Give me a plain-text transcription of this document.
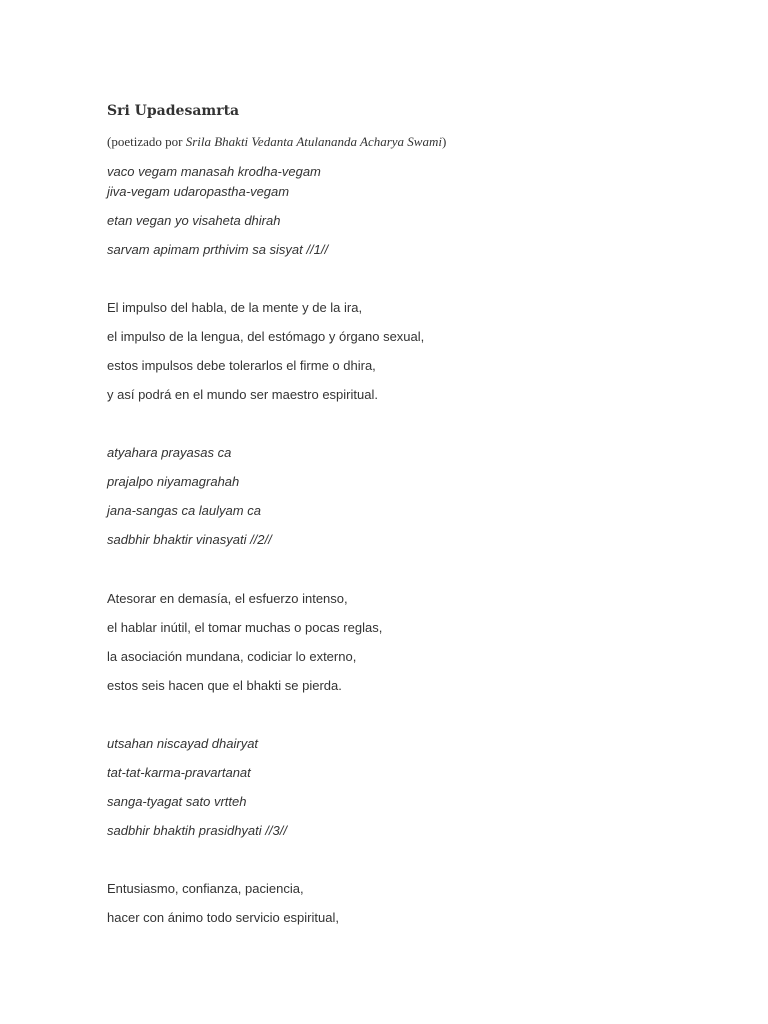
Sri Upadesamrta

(poetizado por Srila Bhakti Vedanta Atulananda Acharya Swami)

vaco vegam manasah krodha-vegam

jiva-vegam udaropastha-vegam

etan vegan yo visaheta dhirah

sarvam apimam prthivim sa sisyat //1//

El impulso del habla, de la mente y de la ira,

el impulso de la lengua, del estómago y órgano sexual,

estos impulsos debe tolerarlos el firme o dhira,

y así podrá en el mundo ser maestro espiritual.

atyahara prayasas ca

prajalpo niyamagrahah

jana-sangas ca laulyam ca

sadbhir bhaktir vinasyati //2//

Atesorar en demasía, el esfuerzo intenso,

el hablar inútil, el tomar muchas o pocas reglas,

la asociación mundana, codiciar lo externo,

estos seis hacen que el bhakti se pierda.

utsahan niscayad dhairyat

tat-tat-karma-pravartanat

sanga-tyagat sato vrtteh

sadbhir bhaktih prasidhyati //3//

Entusiasmo, confianza, paciencia,

hacer con ánimo todo servicio espiritual,
